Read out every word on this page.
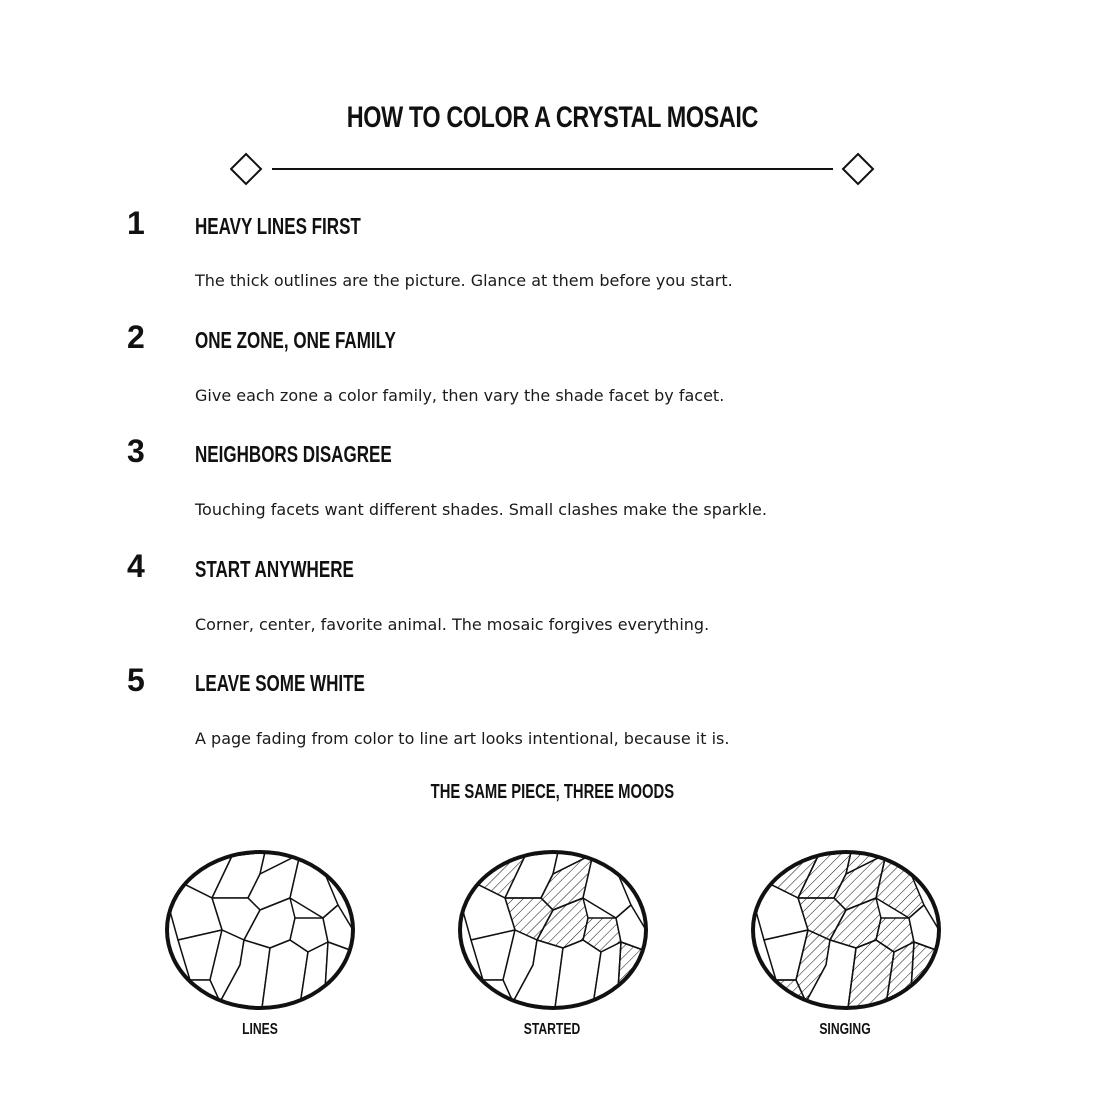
HOW TO COLOR A CRYSTAL MOSAIC
1	HEAVY LINES FIRST
The thick outlines are the picture. Glance at them before you start.
2	ONE ZONE, ONE FAMILY
Give each zone a color family, then vary the shade facet by facet.
3	NEIGHBORS DISAGREE
Touching facets want different shades. Small clashes make the sparkle.
4	START ANYWHERE
Corner, center, favorite animal. The mosaic forgives everything.
5	LEAVE SOME WHITE
A page fading from color to line art looks intentional, because it is.
THE SAME PIECE, THREE MOODS
LINES	STARTED	SINGING
